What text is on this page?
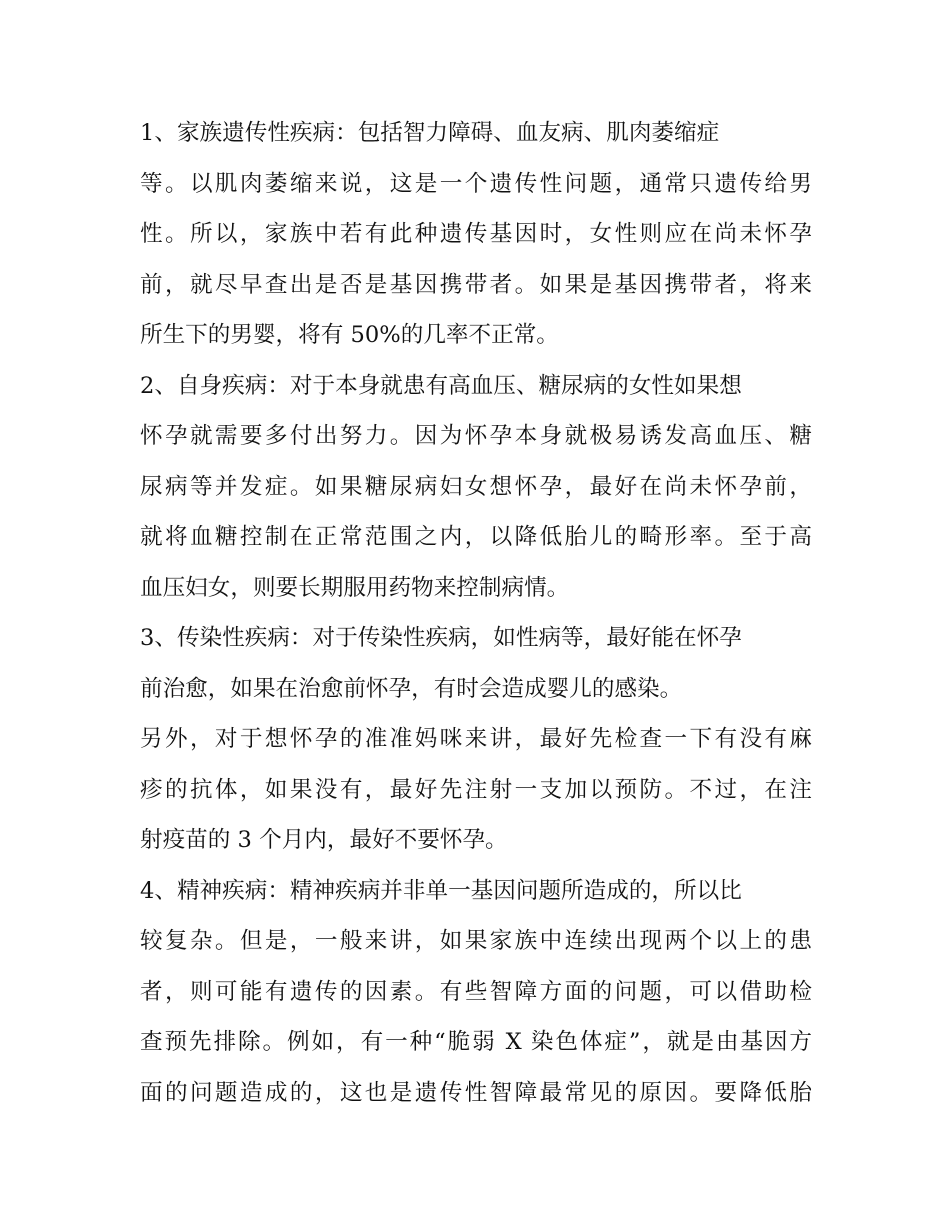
1、家族遗传性疾病：包括智力障碍、血友病、肌肉萎缩症
等。以肌肉萎缩来说，这是一个遗传性问题，通常只遗传给男
性。所以，家族中若有此种遗传基因时，女性则应在尚未怀孕
前，就尽早查出是否是基因携带者。如果是基因携带者，将来
所生下的男婴，将有 50%的几率不正常。
2、自身疾病：对于本身就患有高血压、糖尿病的女性如果想
怀孕就需要多付出努力。因为怀孕本身就极易诱发高血压、糖
尿病等并发症。如果糖尿病妇女想怀孕，最好在尚未怀孕前，
就将血糖控制在正常范围之内，以降低胎儿的畸形率。至于高
血压妇女，则要长期服用药物来控制病情。
3、传染性疾病：对于传染性疾病，如性病等，最好能在怀孕
前治愈，如果在治愈前怀孕，有时会造成婴儿的感染。
另外，对于想怀孕的准准妈咪来讲，最好先检查一下有没有麻
疹的抗体，如果没有，最好先注射一支加以预防。不过，在注
射疫苗的 3 个月内，最好不要怀孕。
4、精神疾病：精神疾病并非单一基因问题所造成的，所以比
较复杂。但是，一般来讲，如果家族中连续出现两个以上的患
者，则可能有遗传的因素。有些智障方面的问题，可以借助检
查预先排除。例如，有一种“脆弱 X 染色体症”，就是由基因方
面的问题造成的，这也是遗传性智障最常见的原因。要降低胎
